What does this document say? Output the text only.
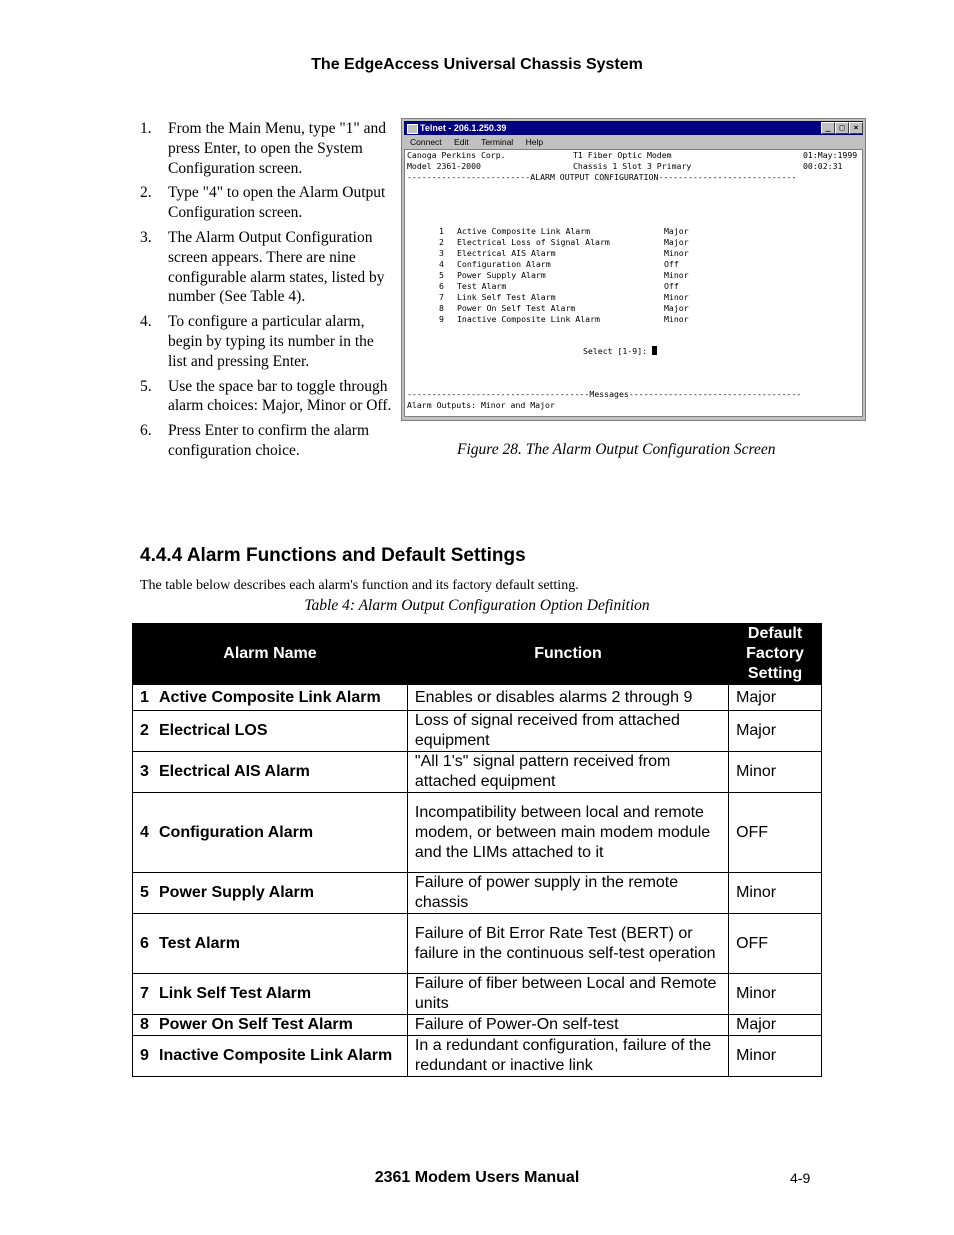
The EdgeAccess Universal Chassis System
1. From the Main Menu, type "1" and press Enter, to open the System Configuration screen.
2. Type "4" to open the Alarm Output Configuration screen.
3. The Alarm Output Configuration screen appears. There are nine configurable alarm states, listed by number (See Table 4).
4. To configure a particular alarm, begin by typing its number in the list and pressing Enter.
5. Use the space bar to toggle through alarm choices: Major, Minor or Off.
6. Press Enter to confirm the alarm configuration choice.
Telnet - 206.1.250.39	_	□	×
Connect Edit Terminal Help
Canoga Perkins Corp.	T1 Fiber Optic Modem	01:May:1999
Model 2361-2000	Chassis 1 Slot 3 Primary	00:02:31
-------------------------ALARM OUTPUT CONFIGURATION----------------------------
1 Active Composite Link Alarm	Major
2 Electrical Loss of Signal Alarm	Major
3 Electrical AIS Alarm	Minor
4 Configuration Alarm	Off
5 Power Supply Alarm	Minor
6 Test Alarm	Off
7 Link Self Test Alarm	Minor
8 Power On Self Test Alarm	Major
9 Inactive Composite Link Alarm	Minor
Select [1-9]:
-------------------------------------Messages-----------------------------------
Alarm Outputs: Minor and Major
Figure 28. The Alarm Output Configuration Screen
4.4.4 Alarm Functions and Default Settings
The table below describes each alarm's function and its factory default setting.
Table 4: Alarm Output Configuration Option Definition
Alarm Name	Function	Default Factory Setting
1 Active Composite Link Alarm	Enables or disables alarms 2 through 9	Major
2 Electrical LOS	Loss of signal received from attached equipment	Major
3 Electrical AIS Alarm	"All 1's" signal pattern received from attached equipment	Minor
4 Configuration Alarm	Incompatibility between local and remote modem, or between main modem module and the LIMs attached to it	OFF
5 Power Supply Alarm	Failure of power supply in the remote chassis	Minor
6 Test Alarm	Failure of Bit Error Rate Test (BERT) or failure in the continuous self-test operation	OFF
7 Link Self Test Alarm	Failure of fiber between Local and Remote units	Minor
8 Power On Self Test Alarm	Failure of Power-On self-test	Major
9 Inactive Composite Link Alarm	In a redundant configuration, failure of the redundant or inactive link	Minor
2361 Modem Users Manual	4-9
